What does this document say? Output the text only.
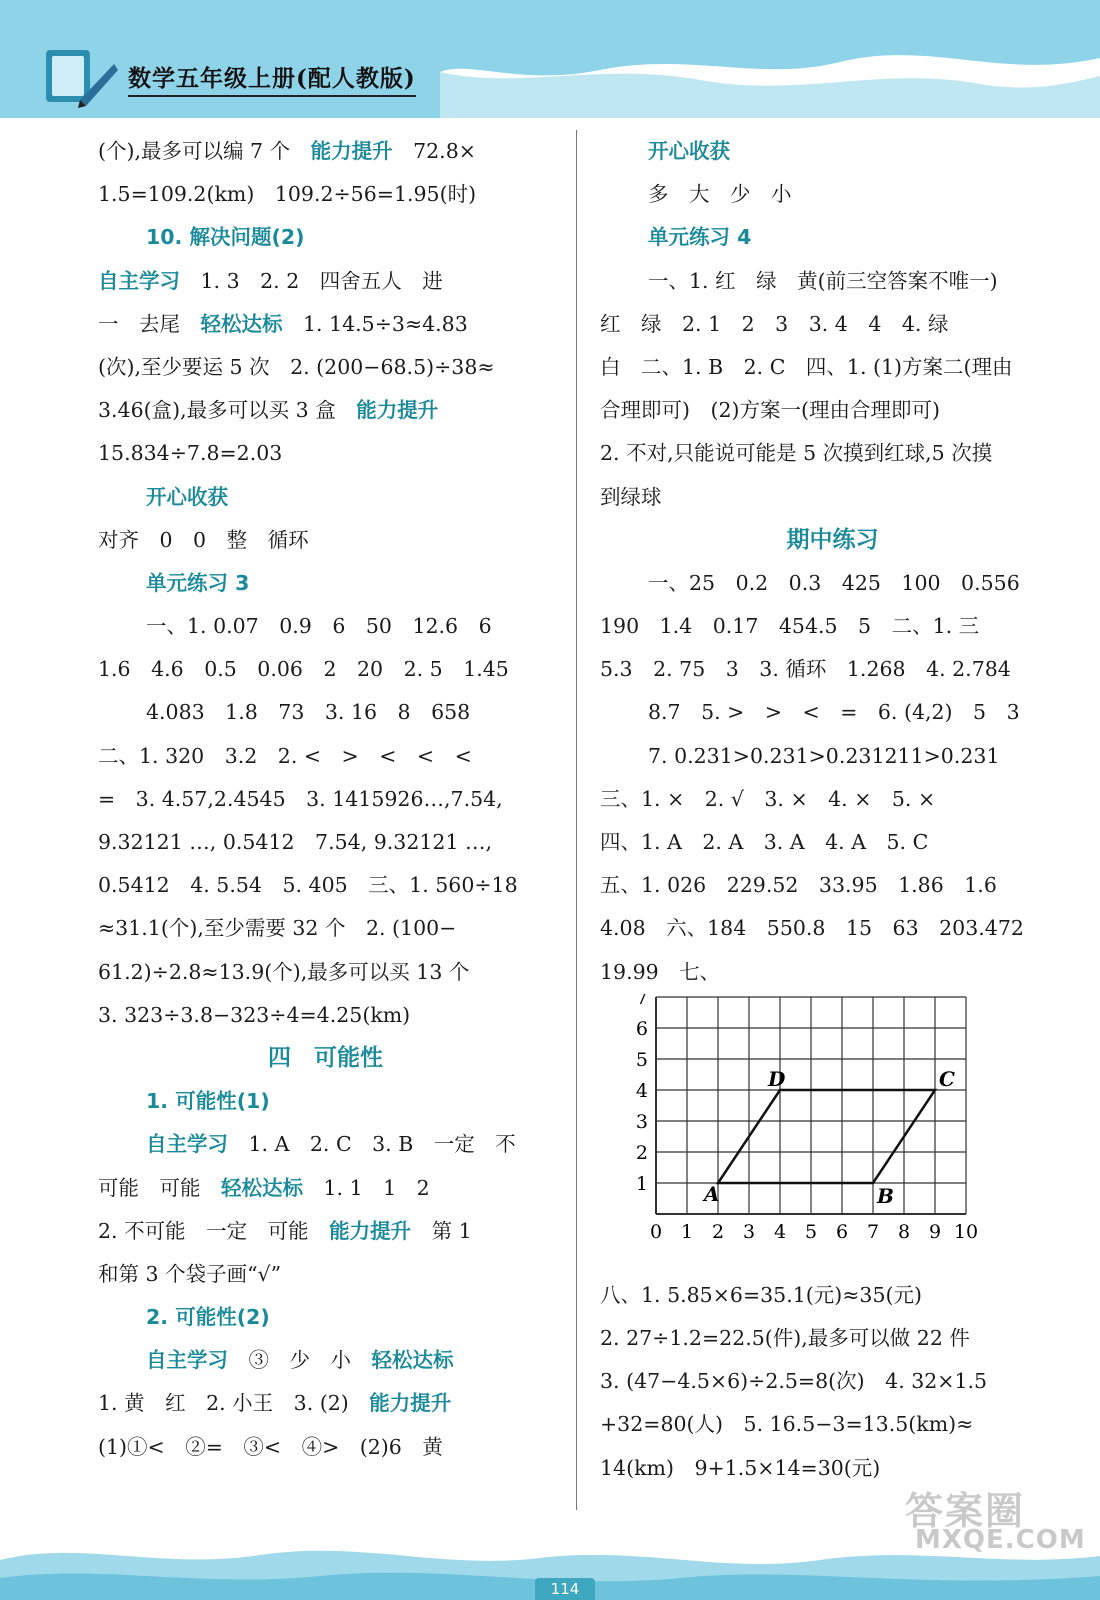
数学五年级上册(配人教版)
(个),最多可以编 7 个　能力提升　72.8×
1.5=109.2(km)　109.2÷56=1.95(时)
10. 解决问题(2)
自主学习　1. 3　2. 2　四舍五人　进
一　去尾　轻松达标　1. 14.5÷3≈4.83
(次),至少要运 5 次　2. (200−68.5)÷38≈
3.46(盒),最多可以买 3 盒　能力提升
15.834÷7.8=2.03
开心收获
对齐　0　0　整　循环
单元练习 3
一、1. 0.07　0.9　6　50　12.6　6
1.6　4.6　0.5　0.06　2　20　2. 5　1.45
4.083　1.8　73　3. 16　8　658
二、1. 320　3.2　2. <　>　<　<　<
=　3. 4.57,2.4545　3. 1415926…,7.54,
9.32121 …, 0.5412　7.54, 9.32121 …,
0.5412　4. 5.54　5. 405　三、1. 560÷18
≈31.1(个),至少需要 32 个　2. (100−
61.2)÷2.8≈13.9(个),最多可以买 13 个
3. 323÷3.8−323÷4=4.25(km)
四　可能性
1. 可能性(1)
自主学习　1. A　2. C　3. B　一定　不
可能　可能　轻松达标　1. 1　1　2
2. 不可能　一定　可能　能力提升　第 1
和第 3 个袋子画“√”
2. 可能性(2)
自主学习　③　少　小　轻松达标
1. 黄　红　2. 小王　3. (2)　能力提升
(1)①<　②=　③<　④>　(2)6　黄
开心收获
多　大　少　小
单元练习 4
一、1. 红　绿　黄(前三空答案不唯一)
红　绿　2. 1　2　3　3. 4　4　4. 绿
白　二、1. B　2. C　四、1. (1)方案二(理由
合理即可)　(2)方案一(理由合理即可)
2. 不对,只能说可能是 5 次摸到红球,5 次摸
到绿球
期中练习
一、25　0.2　0.3　425　100　0.556
190　1.4　0.17　454.5　5　二、1. 三
5.3　2. 75　3　3. 循环　1.268　4. 2.784
8.7　5. >　>　<　=　6. (4,2)　5　3
7. 0.231>0.231>0.231211>0.231
三、1. ×　2. √　3. ×　4. ×　5. ×
四、1. A　2. A　3. A　4. A　5. C
五、1. 026　229.52　33.95　1.86　1.6
4.08　六、184　550.8　15　63　203.472
19.99　七、
0 1 2 3 4 5 6 7 8 9 10
1
2
3
4
5
6
7
A	B
C
D
八、1. 5.85×6=35.1(元)≈35(元)
2. 27÷1.2=22.5(件),最多可以做 22 件
3. (47−4.5×6)÷2.5=8(次)　4. 32×1.5
+32=80(人)　5. 16.5−3=13.5(km)≈
14(km)　9+1.5×14=30(元)
114
答案圈
MXQE.COM
